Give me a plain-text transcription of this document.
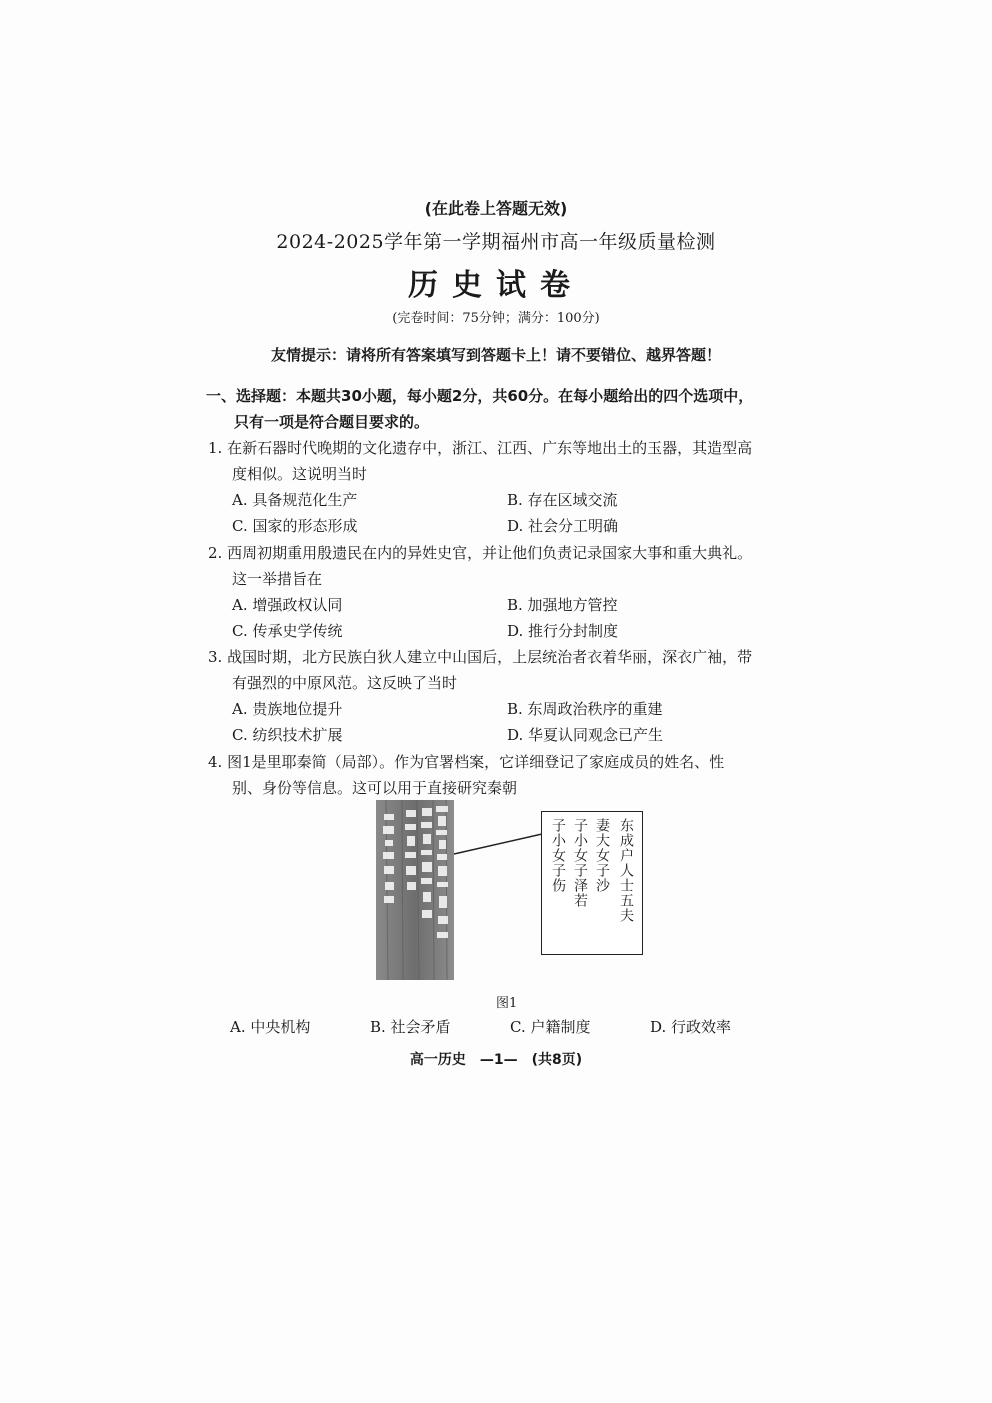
(在此卷上答题无效)
2024-2025学年第一学期福州市高一年级质量检测
历史试卷
(完卷时间：75分钟；满分：100分)
友情提示：请将所有答案填写到答题卡上！请不要错位、越界答题！
一、选择题：本题共30小题，每小题2分，共60分。在每小题给出的四个选项中，
只有一项是符合题目要求的。
1. 在新石器时代晚期的文化遗存中，浙江、江西、广东等地出土的玉器，其造型高
度相似。这说明当时
A. 具备规范化生产	B. 存在区域交流
C. 国家的形态形成	D. 社会分工明确
2. 西周初期重用殷遗民在内的异姓史官，并让他们负责记录国家大事和重大典礼。
这一举措旨在
A. 增强政权认同	B. 加强地方管控
C. 传承史学传统	D. 推行分封制度
3. 战国时期，北方民族白狄人建立中山国后，上层统治者衣着华丽，深衣广袖，带
有强烈的中原风范。这反映了当时
A. 贵族地位提升	B. 东周政治秩序的重建
C. 纺织技术扩展	D. 华夏认同观念已产生
4. 图1是里耶秦简（局部）。作为官署档案，它详细登记了家庭成员的姓名、性
别、身份等信息。这可以用于直接研究秦朝
东成户人士五夫
妻大女子沙
子小女子泽若
子小女子伤
图1
A. 中央机构	B. 社会矛盾	C. 户籍制度	D. 行政效率
高一历史　—1—　(共8页)
